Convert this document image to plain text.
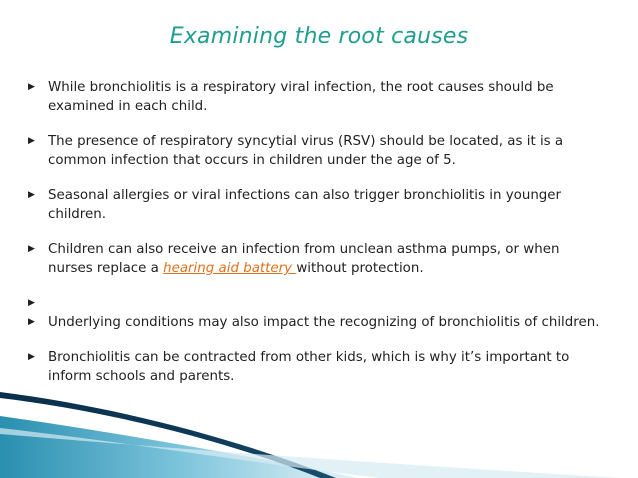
Examining the root causes
▶ While bronchiolitis is a respiratory viral infection, the root causes should be examined in each child.
▶ The presence of respiratory syncytial virus (RSV) should be located, as it is a common infection that occurs in children under the age of 5.
▶ Seasonal allergies or viral infections can also trigger bronchiolitis in younger children.
▶ Children can also receive an infection from unclean asthma pumps, or when nurses replace a hearing aid battery without protection.
▶
▶ Underlying conditions may also impact the recognizing of bronchiolitis of children.
▶ Bronchiolitis can be contracted from other kids, which is why it’s important to inform schools and parents.
